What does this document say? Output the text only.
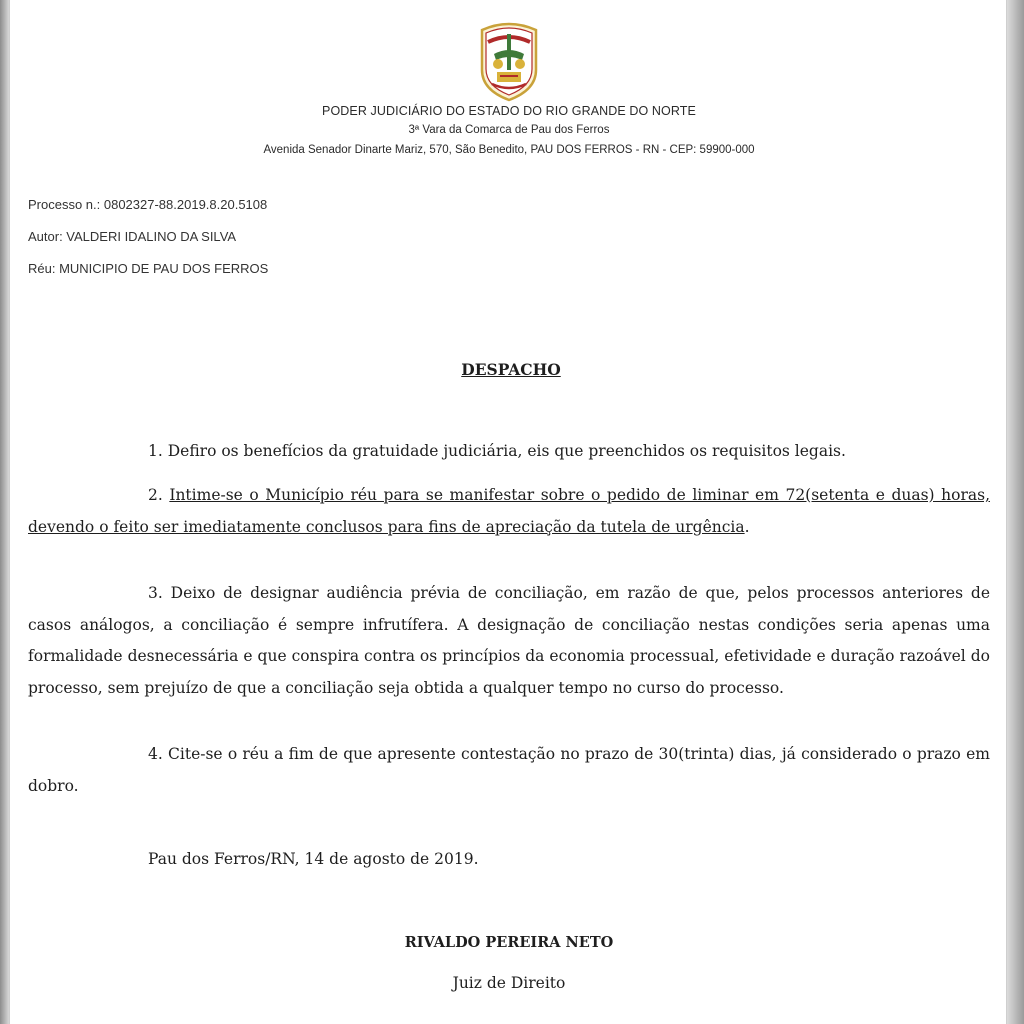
PODER JUDICIÁRIO DO ESTADO DO RIO GRANDE DO NORTE
3ª Vara da Comarca de Pau dos Ferros
Avenida Senador Dinarte Mariz, 570, São Benedito, PAU DOS FERROS - RN - CEP: 59900-000
Processo n.: 0802327-88.2019.8.20.5108
Autor: VALDERI IDALINO DA SILVA
Réu: MUNICIPIO DE PAU DOS FERROS
DESPACHO
1. Defiro os benefícios da gratuidade judiciária, eis que preenchidos os requisitos legais.
2. Intime-se o Município réu para se manifestar sobre o pedido de liminar em 72(setenta e duas) horas, devendo o feito ser imediatamente conclusos para fins de apreciação da tutela de urgência.
3. Deixo de designar audiência prévia de conciliação, em razão de que, pelos processos anteriores de casos análogos, a conciliação é sempre infrutífera. A designação de conciliação nestas condições seria apenas uma formalidade desnecessária e que conspira contra os princípios da economia processual, efetividade e duração razoável do processo, sem prejuízo de que a conciliação seja obtida a qualquer tempo no curso do processo.
4. Cite-se o réu a fim de que apresente contestação no prazo de 30(trinta) dias, já considerado o prazo em dobro.
Pau dos Ferros/RN, 14 de agosto de 2019.
RIVALDO PEREIRA NETO
Juiz de Direito
